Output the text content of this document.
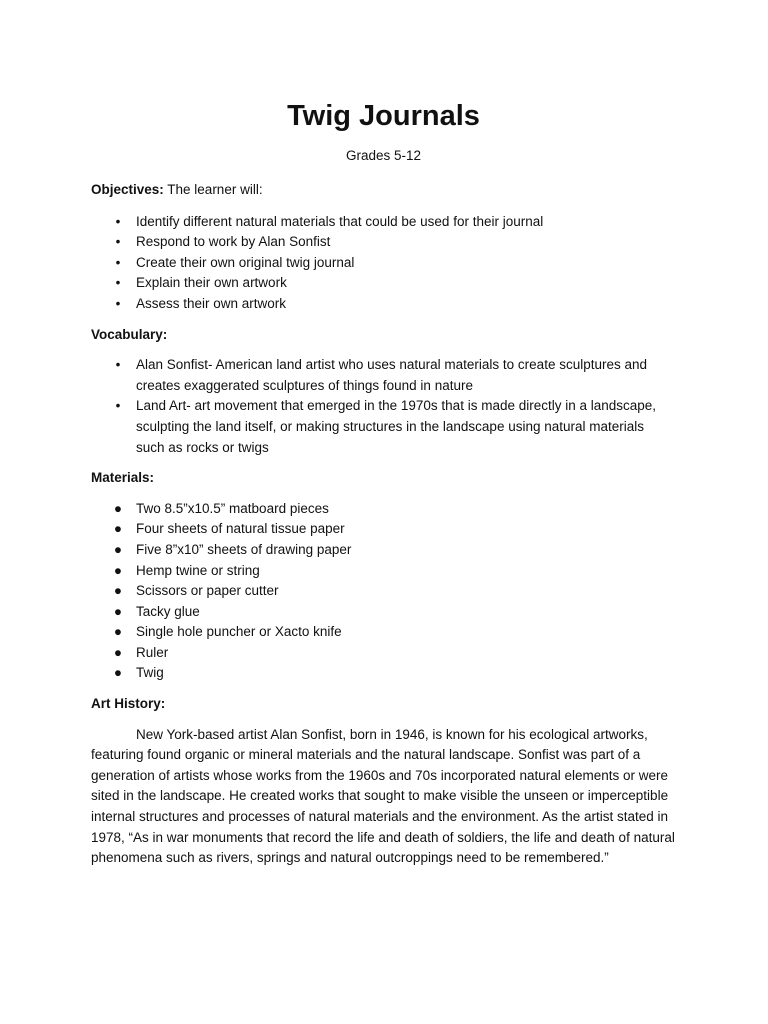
Twig Journals

Grades 5-12

Objectives: The learner will:

• Identify different natural materials that could be used for their journal
• Respond to work by Alan Sonfist
• Create their own original twig journal
• Explain their own artwork
• Assess their own artwork

Vocabulary:

• Alan Sonfist- American land artist who uses natural materials to create sculptures and creates exaggerated sculptures of things found in nature
• Land Art- art movement that emerged in the 1970s that is made directly in a landscape, sculpting the land itself, or making structures in the landscape using natural materials such as rocks or twigs

Materials:

● Two 8.5”x10.5” matboard pieces
● Four sheets of natural tissue paper
● Five 8”x10” sheets of drawing paper
● Hemp twine or string
● Scissors or paper cutter
● Tacky glue
● Single hole puncher or Xacto knife
● Ruler
● Twig

Art History:

New York-based artist Alan Sonfist, born in 1946, is known for his ecological artworks, featuring found organic or mineral materials and the natural landscape. Sonfist was part of a generation of artists whose works from the 1960s and 70s incorporated natural elements or were sited in the landscape. He created works that sought to make visible the unseen or imperceptible internal structures and processes of natural materials and the environment. As the artist stated in 1978, “As in war monuments that record the life and death of soldiers, the life and death of natural phenomena such as rivers, springs and natural outcroppings need to be remembered.”
